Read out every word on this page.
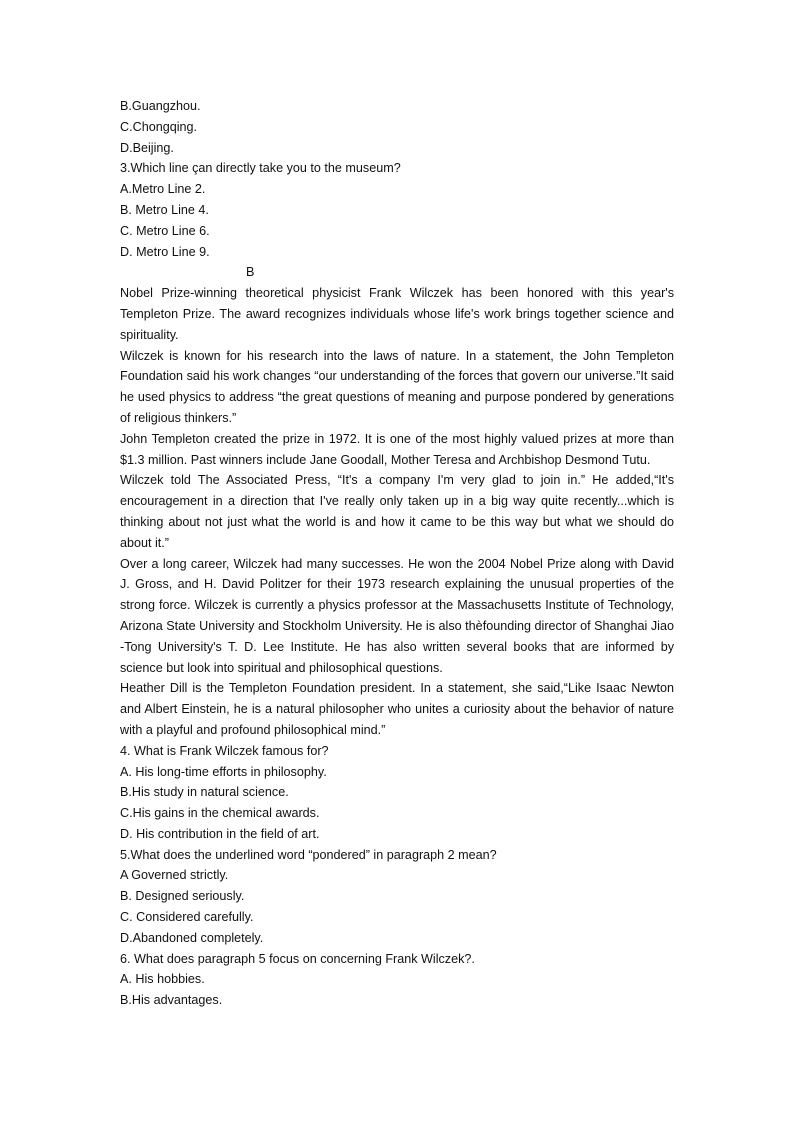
B.Guangzhou.
C.Chongqing.
D.Beijing.
3.Which line çan directly take you to the museum?
A.Metro Line 2.
B. Metro Line 4.
C. Metro Line 6.
D. Metro Line 9.
B

Nobel Prize-winning theoretical physicist Frank Wilczek has been honored with this year's Templeton Prize. The award recognizes individuals whose life's work brings together science and spirituality.

Wilczek is known for his research into the laws of nature. In a statement, the John Templeton Foundation said his work changes “our understanding of the forces that govern our universe.”It said he used physics to address “the great questions of meaning and purpose pondered by generations of religious thinkers.”

John Templeton created the prize in 1972. It is one of the most highly valued prizes at more than $1.3 million. Past winners include Jane Goodall, Mother Teresa and Archbishop Desmond Tutu.

Wilczek told The Associated Press, “It's a company I'm very glad to join in.” He added,“It's encouragement in a direction that I've really only taken up in a big way quite recently...which is thinking about not just what the world is and how it came to be this way but what we should do about it.”

Over a long career, Wilczek had many successes. He won the 2004 Nobel Prize along with David J. Gross, and H. David Politzer for their 1973 research explaining the unusual properties of the strong force. Wilczek is currently a physics professor at the Massachusetts Institute of Technology, Arizona State University and Stockholm University. He is also thèfounding director of Shanghai Jiao -Tong University's T. D. Lee Institute. He has also written several books that are informed by science but look into spiritual and philosophical questions.

Heather Dill is the Templeton Foundation president. In a statement, she said,“Like Isaac Newton and Albert Einstein, he is a natural philosopher who unites a curiosity about the behavior of nature with a playful and profound philosophical mind.”

4. What is Frank Wilczek famous for?
A. His long-time efforts in philosophy.
B.His study in natural science.
C.His gains in the chemical awards.
D. His contribution in the field of art.
5.What does the underlined word “pondered” in paragraph 2 mean?
A Governed strictly.
B. Designed seriously.
C. Considered carefully.
D.Abandoned completely.
6. What does paragraph 5 focus on concerning Frank Wilczek?.
A. His hobbies.
B.His advantages.
